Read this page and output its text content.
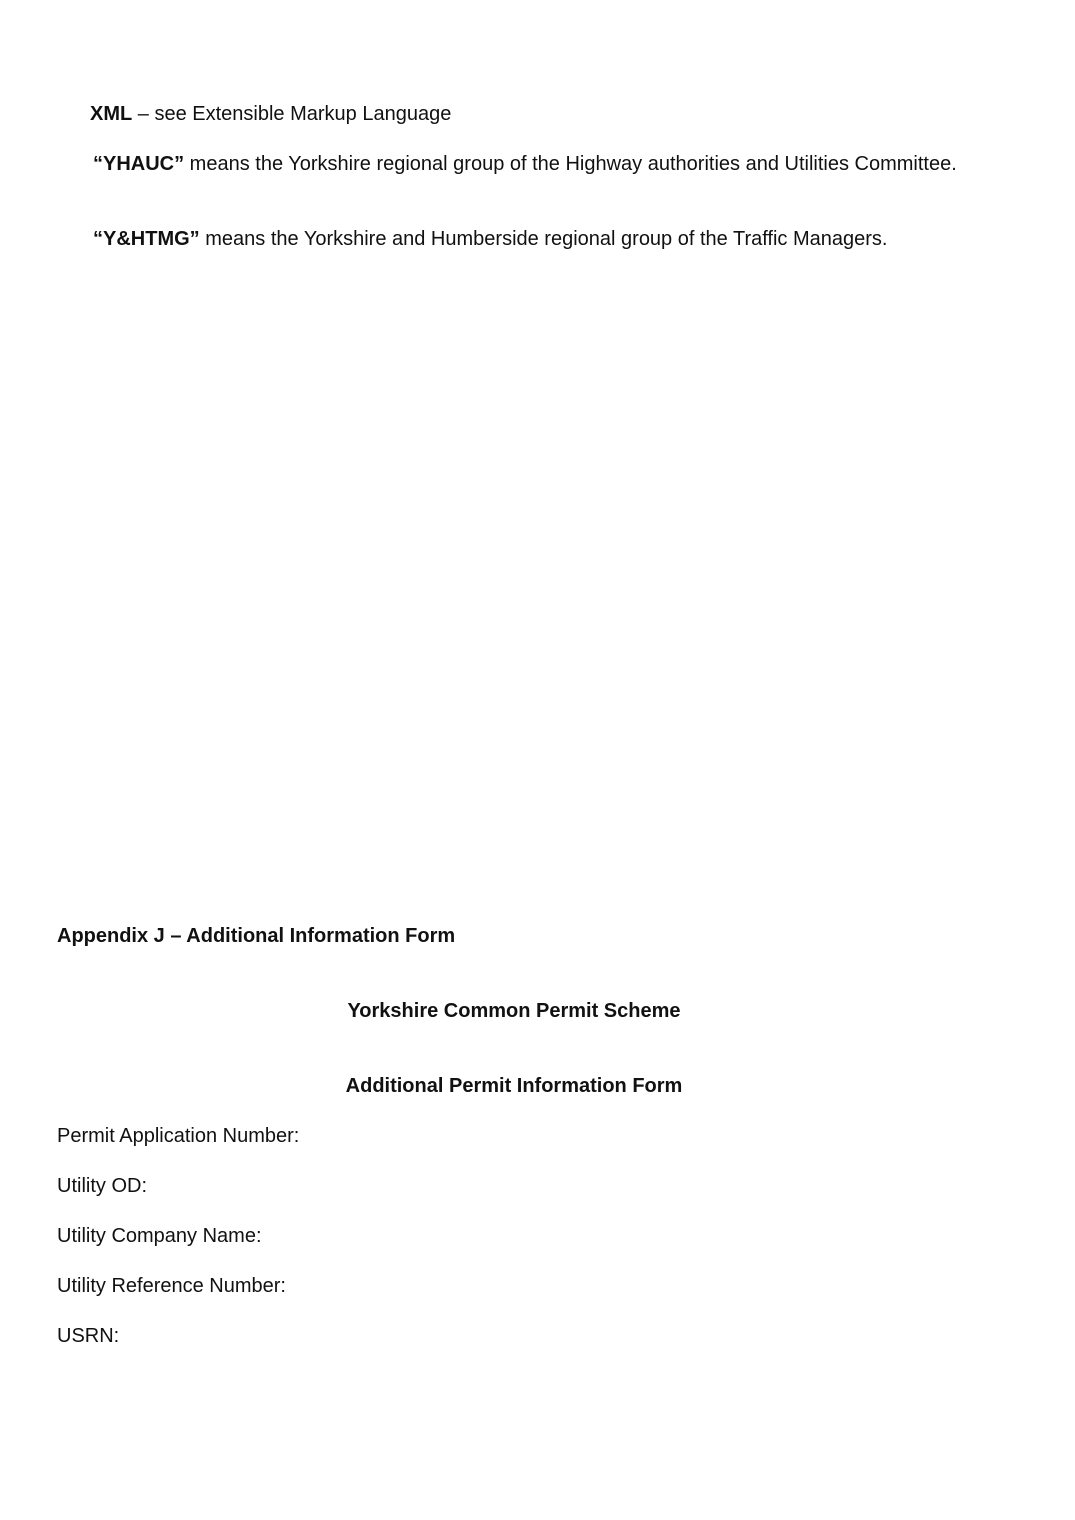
XML – see Extensible Markup Language
“YHAUC” means the Yorkshire regional group of the Highway authorities and Utilities Committee.
“Y&HTMG” means the Yorkshire and Humberside regional group of the Traffic Managers.
Appendix J – Additional Information Form
Yorkshire Common Permit Scheme
Additional Permit Information Form
Permit Application Number:
Utility OD:
Utility Company Name:
Utility Reference Number:
USRN:
